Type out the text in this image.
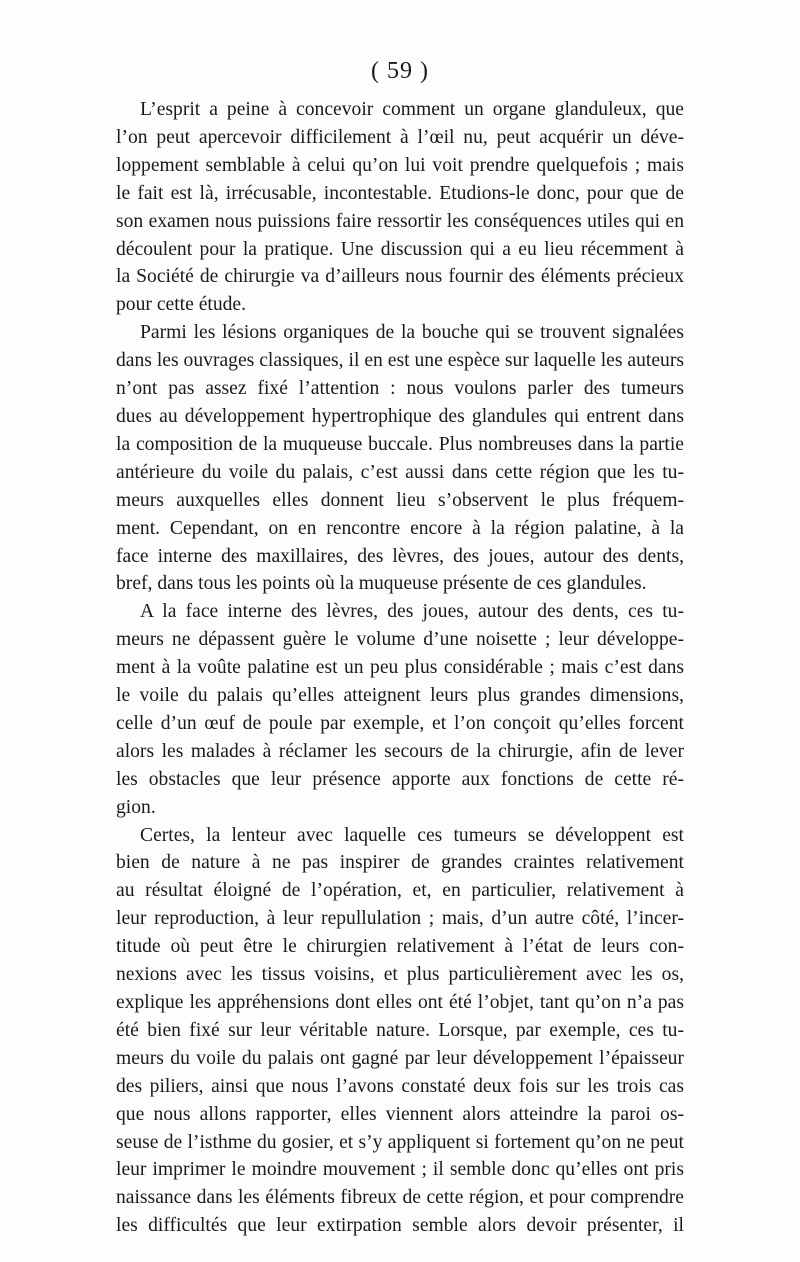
( 59 )

L’esprit a peine à concevoir comment un organe glanduleux, que
l’on peut apercevoir difficilement à l’œil nu, peut acquérir un déve-
loppement semblable à celui qu’on lui voit prendre quelquefois ; mais
le fait est là, irrécusable, incontestable. Etudions-le donc, pour que de
son examen nous puissions faire ressortir les conséquences utiles qui en
découlent pour la pratique. Une discussion qui a eu lieu récemment à
la Société de chirurgie va d’ailleurs nous fournir des éléments précieux
pour cette étude.

Parmi les lésions organiques de la bouche qui se trouvent signalées
dans les ouvrages classiques, il en est une espèce sur laquelle les auteurs
n’ont pas assez fixé l’attention : nous voulons parler des tumeurs
dues au développement hypertrophique des glandules qui entrent dans
la composition de la muqueuse buccale. Plus nombreuses dans la partie
antérieure du voile du palais, c’est aussi dans cette région que les tu-
meurs auxquelles elles donnent lieu s’observent le plus fréquem-
ment. Cependant, on en rencontre encore à la région palatine, à la
face interne des maxillaires, des lèvres, des joues, autour des dents,
bref, dans tous les points où la muqueuse présente de ces glandules.

A la face interne des lèvres, des joues, autour des dents, ces tu-
meurs ne dépassent guère le volume d’une noisette ; leur développe-
ment à la voûte palatine est un peu plus considérable ; mais c’est dans
le voile du palais qu’elles atteignent leurs plus grandes dimensions,
celle d’un œuf de poule par exemple, et l’on conçoit qu’elles forcent
alors les malades à réclamer les secours de la chirurgie, afin de lever
les obstacles que leur présence apporte aux fonctions de cette ré-
gion.

Certes, la lenteur avec laquelle ces tumeurs se développent est
bien de nature à ne pas inspirer de grandes craintes relativement
au résultat éloigné de l’opération, et, en particulier, relativement à
leur reproduction, à leur repullulation ; mais, d’un autre côté, l’incer-
titude où peut être le chirurgien relativement à l’état de leurs con-
nexions avec les tissus voisins, et plus particulièrement avec les os,
explique les appréhensions dont elles ont été l’objet, tant qu’on n’a pas
été bien fixé sur leur véritable nature. Lorsque, par exemple, ces tu-
meurs du voile du palais ont gagné par leur développement l’épaisseur
des piliers, ainsi que nous l’avons constaté deux fois sur les trois cas
que nous allons rapporter, elles viennent alors atteindre la paroi os-
seuse de l’isthme du gosier, et s’y appliquent si fortement qu’on ne peut
leur imprimer le moindre mouvement ; il semble donc qu’elles ont pris
naissance dans les éléments fibreux de cette région, et pour comprendre
les difficultés que leur extirpation semble alors devoir présenter, il
